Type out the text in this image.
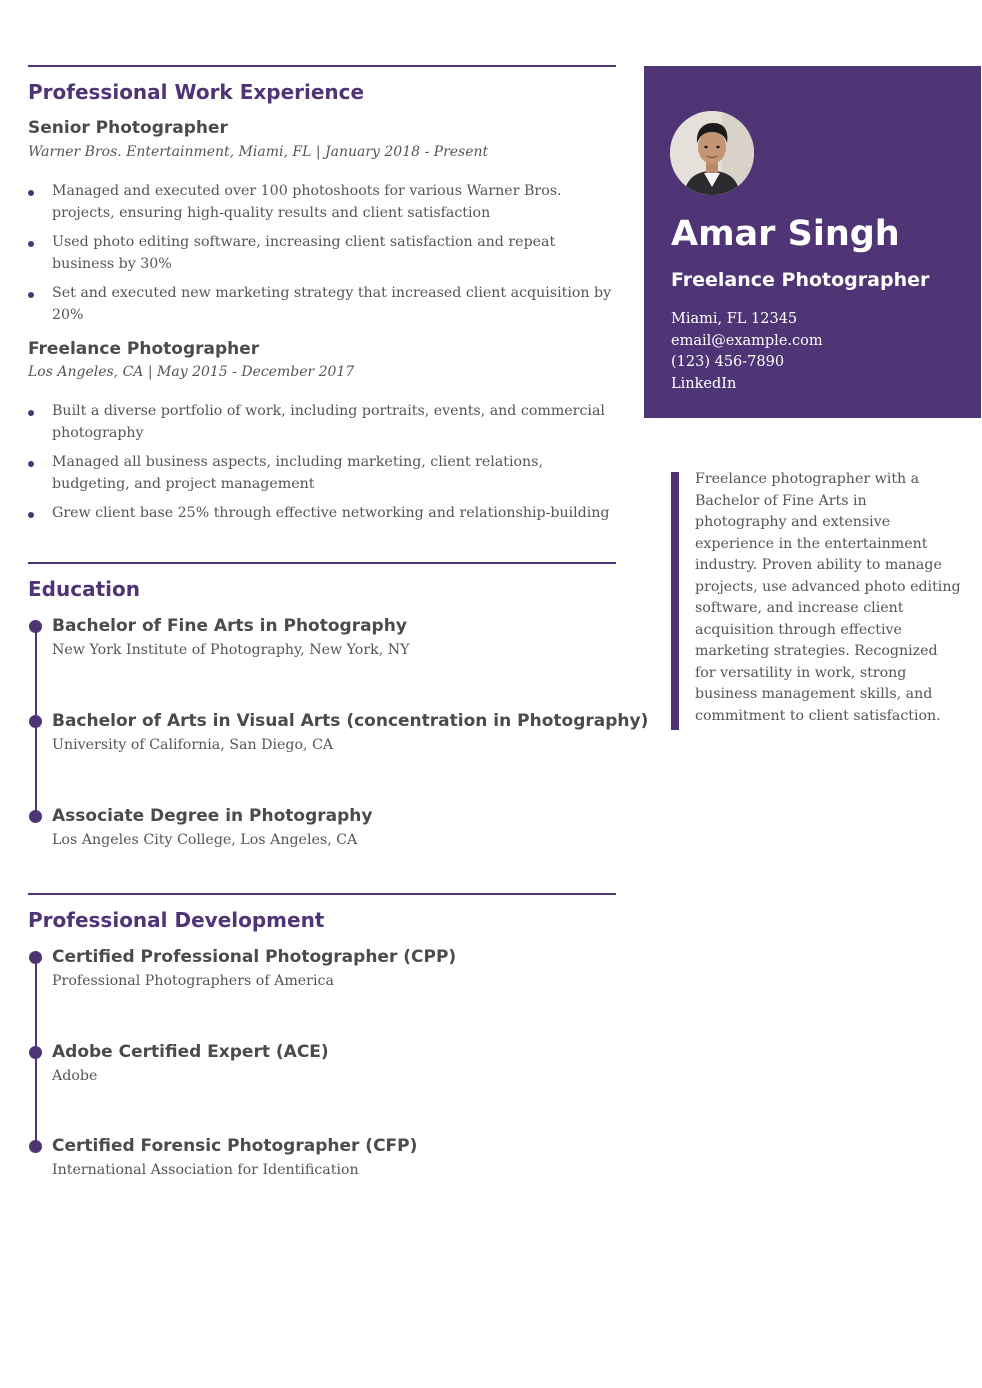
Professional Work Experience
Senior Photographer
Warner Bros. Entertainment, Miami, FL | January 2018 - Present
Managed and executed over 100 photoshoots for various Warner Bros. projects, ensuring high-quality results and client satisfaction
Used photo editing software, increasing client satisfaction and repeat business by 30%
Set and executed new marketing strategy that increased client acquisition by 20%
Freelance Photographer
Los Angeles, CA | May 2015 - December 2017
Built a diverse portfolio of work, including portraits, events, and commercial photography
Managed all business aspects, including marketing, client relations, budgeting, and project management
Grew client base 25% through effective networking and relationship-building
Education
Bachelor of Fine Arts in Photography
New York Institute of Photography, New York, NY
Bachelor of Arts in Visual Arts (concentration in Photography)
University of California, San Diego, CA
Associate Degree in Photography
Los Angeles City College, Los Angeles, CA
Professional Development
Certified Professional Photographer (CPP)
Professional Photographers of America
Adobe Certified Expert (ACE)
Adobe
Certified Forensic Photographer (CFP)
International Association for Identification
Amar Singh
Freelance Photographer
Miami, FL 12345
email@example.com
(123) 456-7890
LinkedIn

Freelance photographer with a Bachelor of Fine Arts in photography and extensive experience in the entertainment industry. Proven ability to manage projects, use advanced photo editing software, and increase client acquisition through effective marketing strategies. Recognized for versatility in work, strong business management skills, and commitment to client satisfaction.
